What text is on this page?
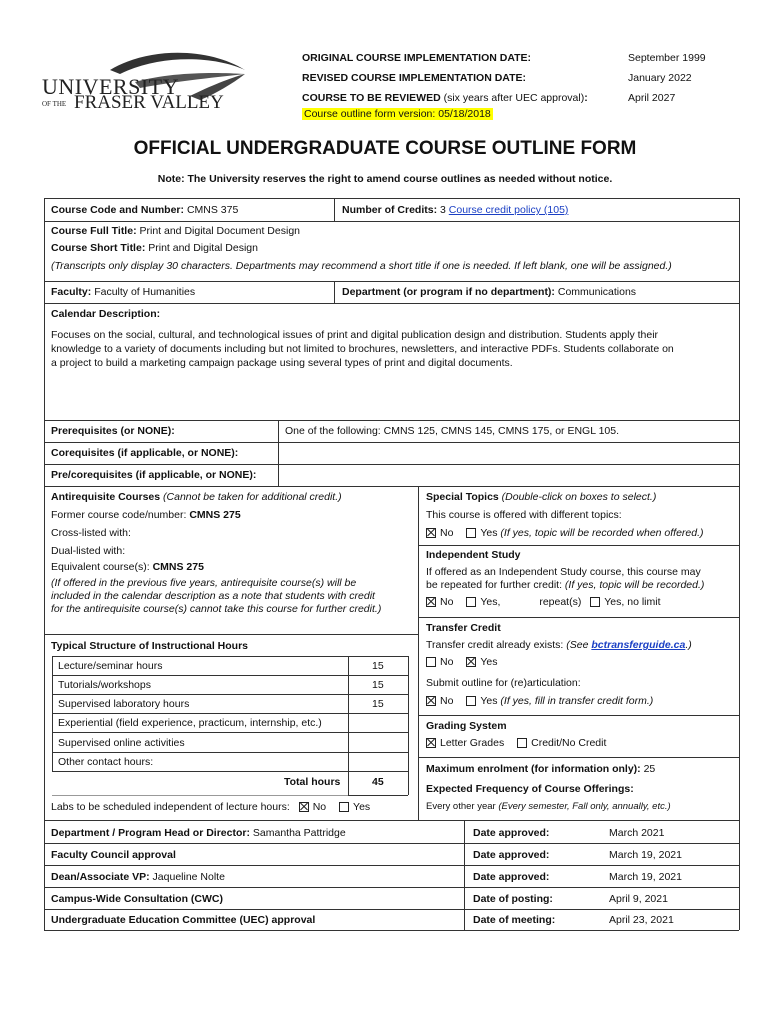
UNIVERSITY
OF THE FRASER VALLEY
ORIGINAL COURSE IMPLEMENTATION DATE:	September 1999
REVISED COURSE IMPLEMENTATION DATE:	January 2022
COURSE TO BE REVIEWED (six years after UEC approval):	April 2027
Course outline form version: 05/18/2018
OFFICIAL UNDERGRADUATE COURSE OUTLINE FORM
Note: The University reserves the right to amend course outlines as needed without notice.
Course Code and Number: CMNS 375	Number of Credits: 3 Course credit policy (105)
Course Full Title: Print and Digital Document Design
Course Short Title: Print and Digital Design
(Transcripts only display 30 characters. Departments may recommend a short title if one is needed. If left blank, one will be assigned.)
Faculty: Faculty of Humanities	Department (or program if no department): Communications
Calendar Description:
Focuses on the social, cultural, and technological issues of print and digital publication design and distribution. Students apply their
knowledge to a variety of documents including but not limited to brochures, newsletters, and interactive PDFs. Students collaborate on
a project to build a marketing campaign package using several types of print and digital documents.
Prerequisites (or NONE):	One of the following: CMNS 125, CMNS 145, CMNS 175, or ENGL 105.
Corequisites (if applicable, or NONE):
Pre/corequisites (if applicable, or NONE):
Antirequisite Courses (Cannot be taken for additional credit.)
Former course code/number: CMNS 275
Cross-listed with:
Dual-listed with:
Equivalent course(s): CMNS 275
(If offered in the previous five years, antirequisite course(s) will be
included in the calendar description as a note that students with credit
for the antirequisite course(s) cannot take this course for further credit.)
Typical Structure of Instructional Hours
Lecture/seminar hours	15
Tutorials/workshops	15
Supervised laboratory hours	15
Experiential (field experience, practicum, internship, etc.)
Supervised online activities
Other contact hours:
Total hours	45
Labs to be scheduled independent of lecture hours: No	Yes
Special Topics (Double-click on boxes to select.)
This course is offered with different topics:
No	Yes (If yes, topic will be recorded when offered.)
Independent Study
If offered as an Independent Study course, this course may
be repeated for further credit: (If yes, topic will be recorded.)
No	Yes,	repeat(s) Yes, no limit
Transfer Credit
Transfer credit already exists: (See bctransferguide.ca.)
No	Yes
Submit outline for (re)articulation:
No	Yes (If yes, fill in transfer credit form.)
Grading System
Letter Grades	Credit/No Credit
Maximum enrolment (for information only): 25
Expected Frequency of Course Offerings:
Every other year (Every semester, Fall only, annually, etc.)
Department / Program Head or Director: Samantha Pattridge	Date approved:	March 2021
Faculty Council approval	Date approved:	March 19, 2021
Dean/Associate VP: Jaqueline Nolte	Date approved:	March 19, 2021
Campus-Wide Consultation (CWC)	Date of posting:	April 9, 2021
Undergraduate Education Committee (UEC) approval	Date of meeting:	April 23, 2021
